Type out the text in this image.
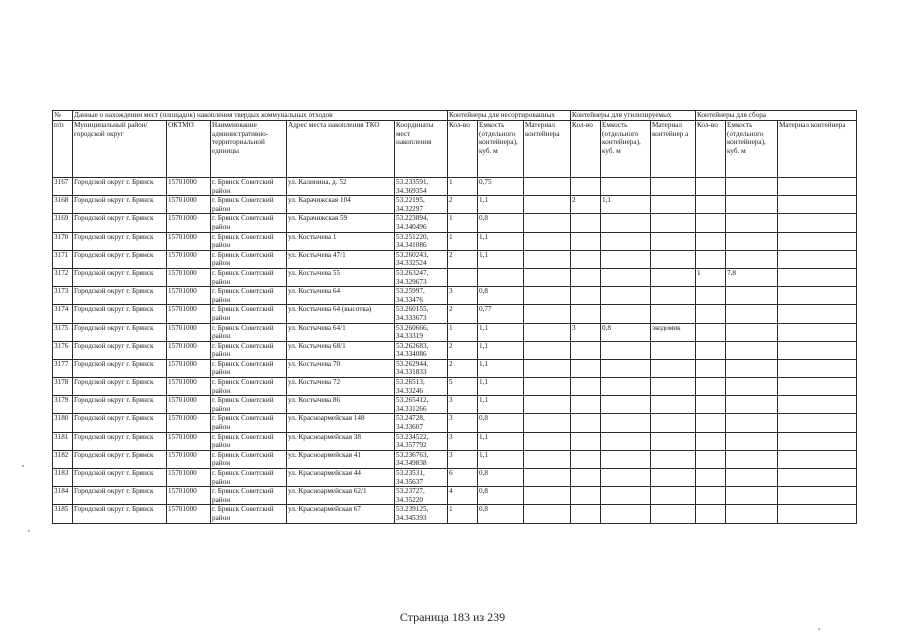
№	Данные о нахождении мест (площадок) накопления твердых коммунальных отходов					Контейнеры для несортированных			Контейнеры для утилизируемых			Контейнеры для сбора		
п/п	Муниципальный район/городской округ	ОКТМО	Наименование административно-территориальной единицы	Адрес места накопления ТКО	Координаты мест накопления	Кол-во	Емкость (отдельного контейнера), куб. м	Материал контейнера	Кол-во	Емкость (отдельного контейнера), куб. м	Материал контейнер а	Кол-во	Емкость (отдельного контейнера), куб. м	Материал контейнера
3167	Городской округ г. Брянск	15701000	г. Брянск Советский район	ул. Калинина, д. 52	53.233591, 34.369354	1	0,75							
3168	Городской округ г. Брянск	15701000	г. Брянск Советский район	ул. Карачижская 104	53.22195, 34.32297	2	1,1		2	1,1				
3169	Городской округ г. Брянск	15701000	г. Брянск Советский район	ул. Карачижская 59	53.223894, 34.340496	1	0,8							
3170	Городской округ г. Брянск	15701000	г. Брянск Советский район	ул. Костычева 1	53.251220, 34.341086	1	1,1							
3171	Городской округ г. Брянск	15701000	г. Брянск Советский район	ул. Костычева 47/1	53.260243, 34.332524	2	1,1							
3172	Городской округ г. Брянск	15701000	г. Брянск Советский район	ул. Костычева 55	53.263247, 34.329673							1	7,8	
3173	Городской округ г. Брянск	15701000	г. Брянск Советский район	ул. Костычева 64	53.25997, 34.33476	3	0,8							
3174	Городской округ г. Брянск	15701000	г. Брянск Советский район	ул. Костычева 64 (высотка)	53.260155, 34.333673	2	0,77							
3175	Городской округ г. Брянск	15701000	г. Брянск Советский район	ул. Костычева 64/1	53.260666, 34.33319	1	1,1		3	0,8	экодомик			
3176	Городской округ г. Брянск	15701000	г. Брянск Советский район	ул. Костычева 68/1	53.262683, 34.334086	2	1,1							
3177	Городской округ г. Брянск	15701000	г. Брянск Советский район	ул. Костычева 70	53.262944, 34.331833	2	1,1							
3178	Городской округ г. Брянск	15701000	г. Брянск Советский район	ул. Костычева 72	53.26513, 34.33246	5	1,1							
3179	Городской округ г. Брянск	15701000	г. Брянск Советский район	ул. Костычева 86	53.265412, 34.331266	3	1,1							
3180	Городской округ г. Брянск	15701000	г. Брянск Советский район	ул. Красноармейская 148	53.24728, 34.33607	3	0,8							
3181	Городской округ г. Брянск	15701000	г. Брянск Советский район	ул. Красноармейская 38	53.234522, 34.357792	3	1,1							
3182	Городской округ г. Брянск	15701000	г. Брянск Советский район	ул. Красноармейская 41	53.236763, 34.349838	3	1,1							
3183	Городской округ г. Брянск	15701000	г. Брянск Советский район	ул. Красноармейская 44	53.23531, 34.35637	6	0,8							
3184	Городской округ г. Брянск	15701000	г. Брянск Советский район	ул. Красноармейская 62/1	53.23727, 34.35220	4	0,8							
3185	Городской округ г. Брянск	15701000	г. Брянск Советский район	ул. Красноармейская 67	53.239125, 34.345393	1	0,8							
Страница 183 из 239
